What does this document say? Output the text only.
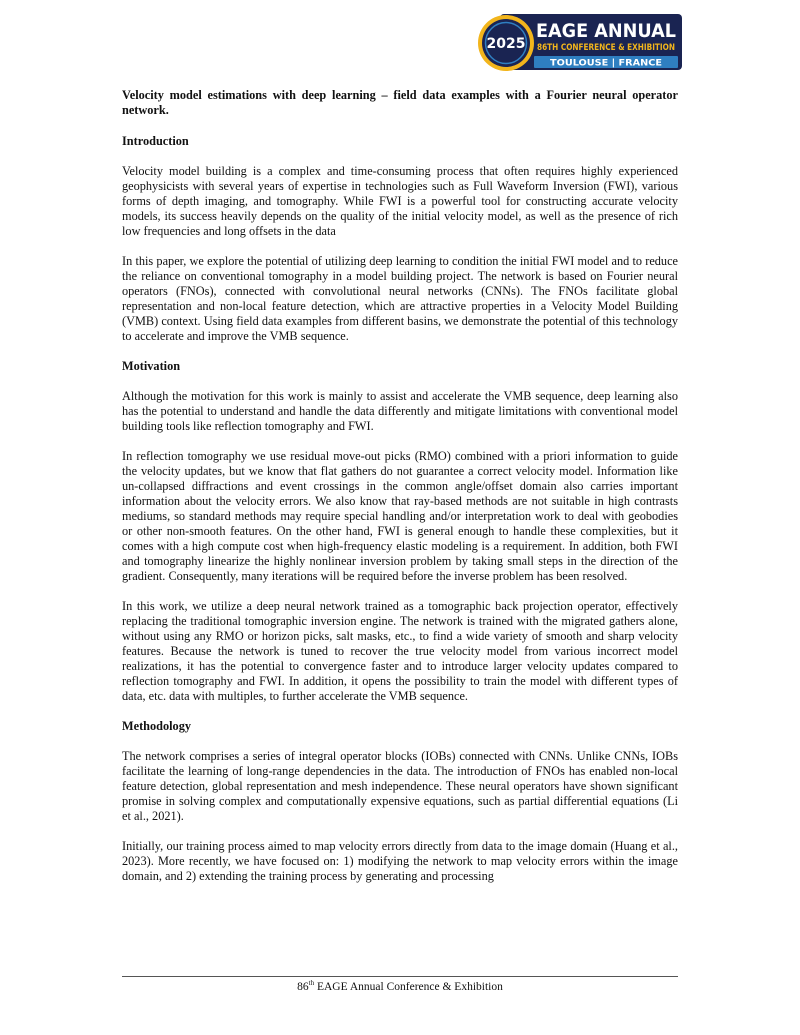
2025
EAGE ANNUAL
86TH CONFERENCE & EXHIBITION
TOULOUSE | FRANCE
Velocity model estimations with deep learning – field data examples with a Fourier neural operator network.
Introduction

Velocity model building is a complex and time-consuming process that often requires highly experienced geophysicists with several years of expertise in technologies such as Full Waveform Inversion (FWI), various forms of depth imaging, and tomography. While FWI is a powerful tool for constructing accurate velocity models, its success heavily depends on the quality of the initial velocity model, as well as the presence of rich low frequencies and long offsets in the data

In this paper, we explore the potential of utilizing deep learning to condition the initial FWI model and to reduce the reliance on conventional tomography in a model building project. The network is based on Fourier neural operators (FNOs), connected with convolutional neural networks (CNNs). The FNOs facilitate global representation and non-local feature detection, which are attractive properties in a Velocity Model Building (VMB) context. Using field data examples from different basins, we demonstrate the potential of this technology to accelerate and improve the VMB sequence.

Motivation

Although the motivation for this work is mainly to assist and accelerate the VMB sequence, deep learning also has the potential to understand and handle the data differently and mitigate limitations with conventional model building tools like reflection tomography and FWI.

In reflection tomography we use residual move-out picks (RMO) combined with a priori information to guide the velocity updates, but we know that flat gathers do not guarantee a correct velocity model. Information like un-collapsed diffractions and event crossings in the common angle/offset domain also carries important information about the velocity errors. We also know that ray-based methods are not suitable in high contrasts mediums, so standard methods may require special handling and/or interpretation work to deal with geobodies or other non-smooth features. On the other hand, FWI is general enough to handle these complexities, but it comes with a high compute cost when high-frequency elastic modeling is a requirement. In addition, both FWI and tomography linearize the highly nonlinear inversion problem by taking small steps in the direction of the gradient. Consequently, many iterations will be required before the inverse problem has been resolved.

In this work, we utilize a deep neural network trained as a tomographic back projection operator, effectively replacing the traditional tomographic inversion engine. The network is trained with the migrated gathers alone, without using any RMO or horizon picks, salt masks, etc., to find a wide variety of smooth and sharp velocity features. Because the network is tuned to recover the true velocity model from various incorrect model realizations, it has the potential to convergence faster and to introduce larger velocity updates compared to reflection tomography and FWI. In addition, it opens the possibility to train the model with different types of data, etc. data with multiples, to further accelerate the VMB sequence.

Methodology

The network comprises a series of integral operator blocks (IOBs) connected with CNNs. Unlike CNNs, IOBs facilitate the learning of long-range dependencies in the data. The introduction of FNOs has enabled non-local feature detection, global representation and mesh independence. These neural operators have shown significant promise in solving complex and computationally expensive equations, such as partial differential equations (Li et al., 2021).

Initially, our training process aimed to map velocity errors directly from data to the image domain (Huang et al., 2023). More recently, we have focused on: 1) modifying the network to map velocity errors within the image domain, and 2) extending the training process by generating and processing

86th EAGE Annual Conference & Exhibition
